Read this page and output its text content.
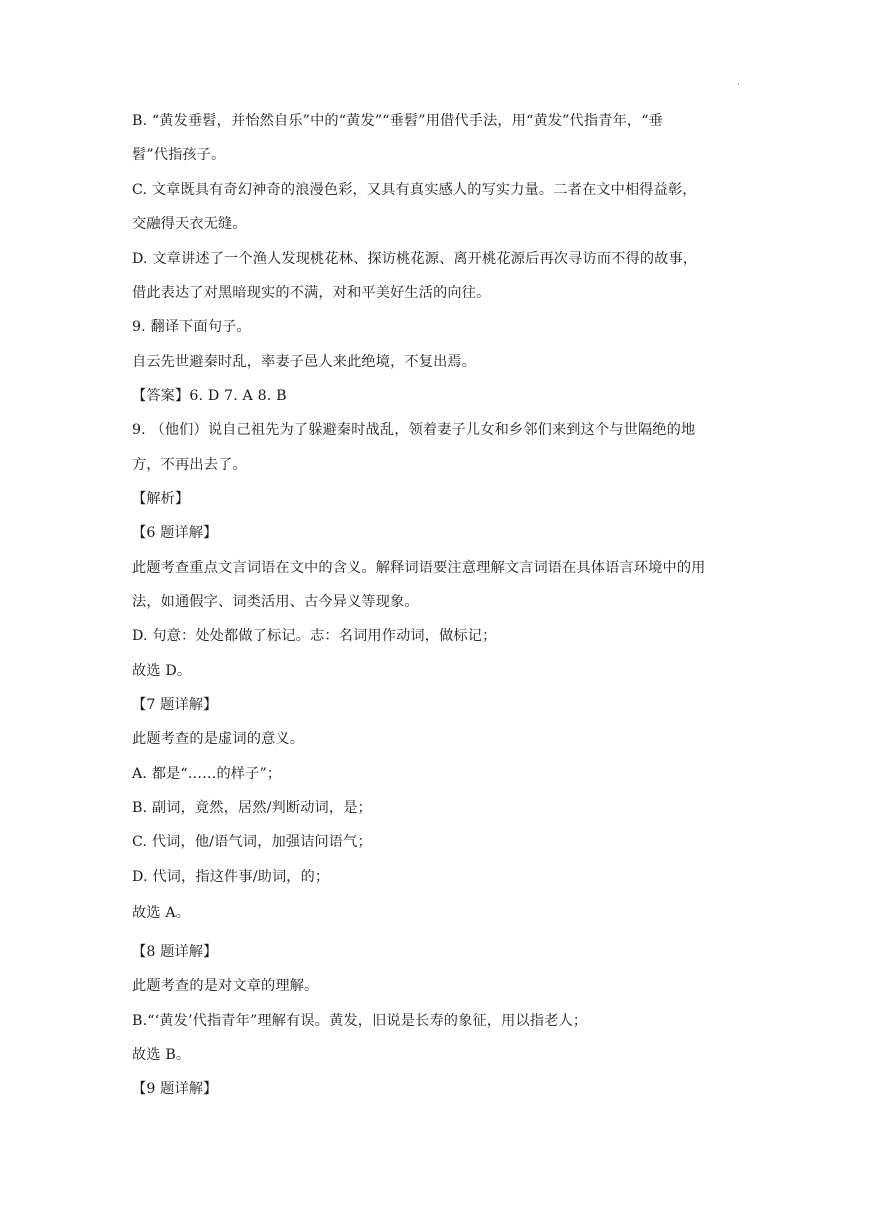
·
B. “黄发垂髫，并怡然自乐”中的“黄发”“垂髫”用借代手法，用“黄发”代指青年，“垂
髫”代指孩子。
C. 文章既具有奇幻神奇的浪漫色彩，又具有真实感人的写实力量。二者在文中相得益彰，
交融得天衣无缝。
D. 文章讲述了一个渔人发现桃花林、探访桃花源、离开桃花源后再次寻访而不得的故事，
借此表达了对黑暗现实的不满，对和平美好生活的向往。
9. 翻译下面句子。
自云先世避秦时乱，率妻子邑人来此绝境，不复出焉。
【答案】6. D 7. A 8. B
9. （他们）说自己祖先为了躲避秦时战乱，领着妻子儿女和乡邻们来到这个与世隔绝的地
方，不再出去了。
【解析】
【6 题详解】
此题考查重点文言词语在文中的含义。解释词语要注意理解文言词语在具体语言环境中的用
法，如通假字、词类活用、古今异义等现象。
D. 句意：处处都做了标记。志：名词用作动词，做标记；
故选 D。
【7 题详解】
此题考查的是虚词的意义。
A. 都是“……的样子”；
B. 副词，竟然，居然/判断动词，是；
C. 代词，他/语气词，加强诘问语气；
D. 代词，指这件事/助词，的；
故选 A。
【8 题详解】
此题考查的是对文章的理解。
B.“‘黄发’代指青年”理解有误。黄发，旧说是长寿的象征，用以指老人；
故选 B。
【9 题详解】
